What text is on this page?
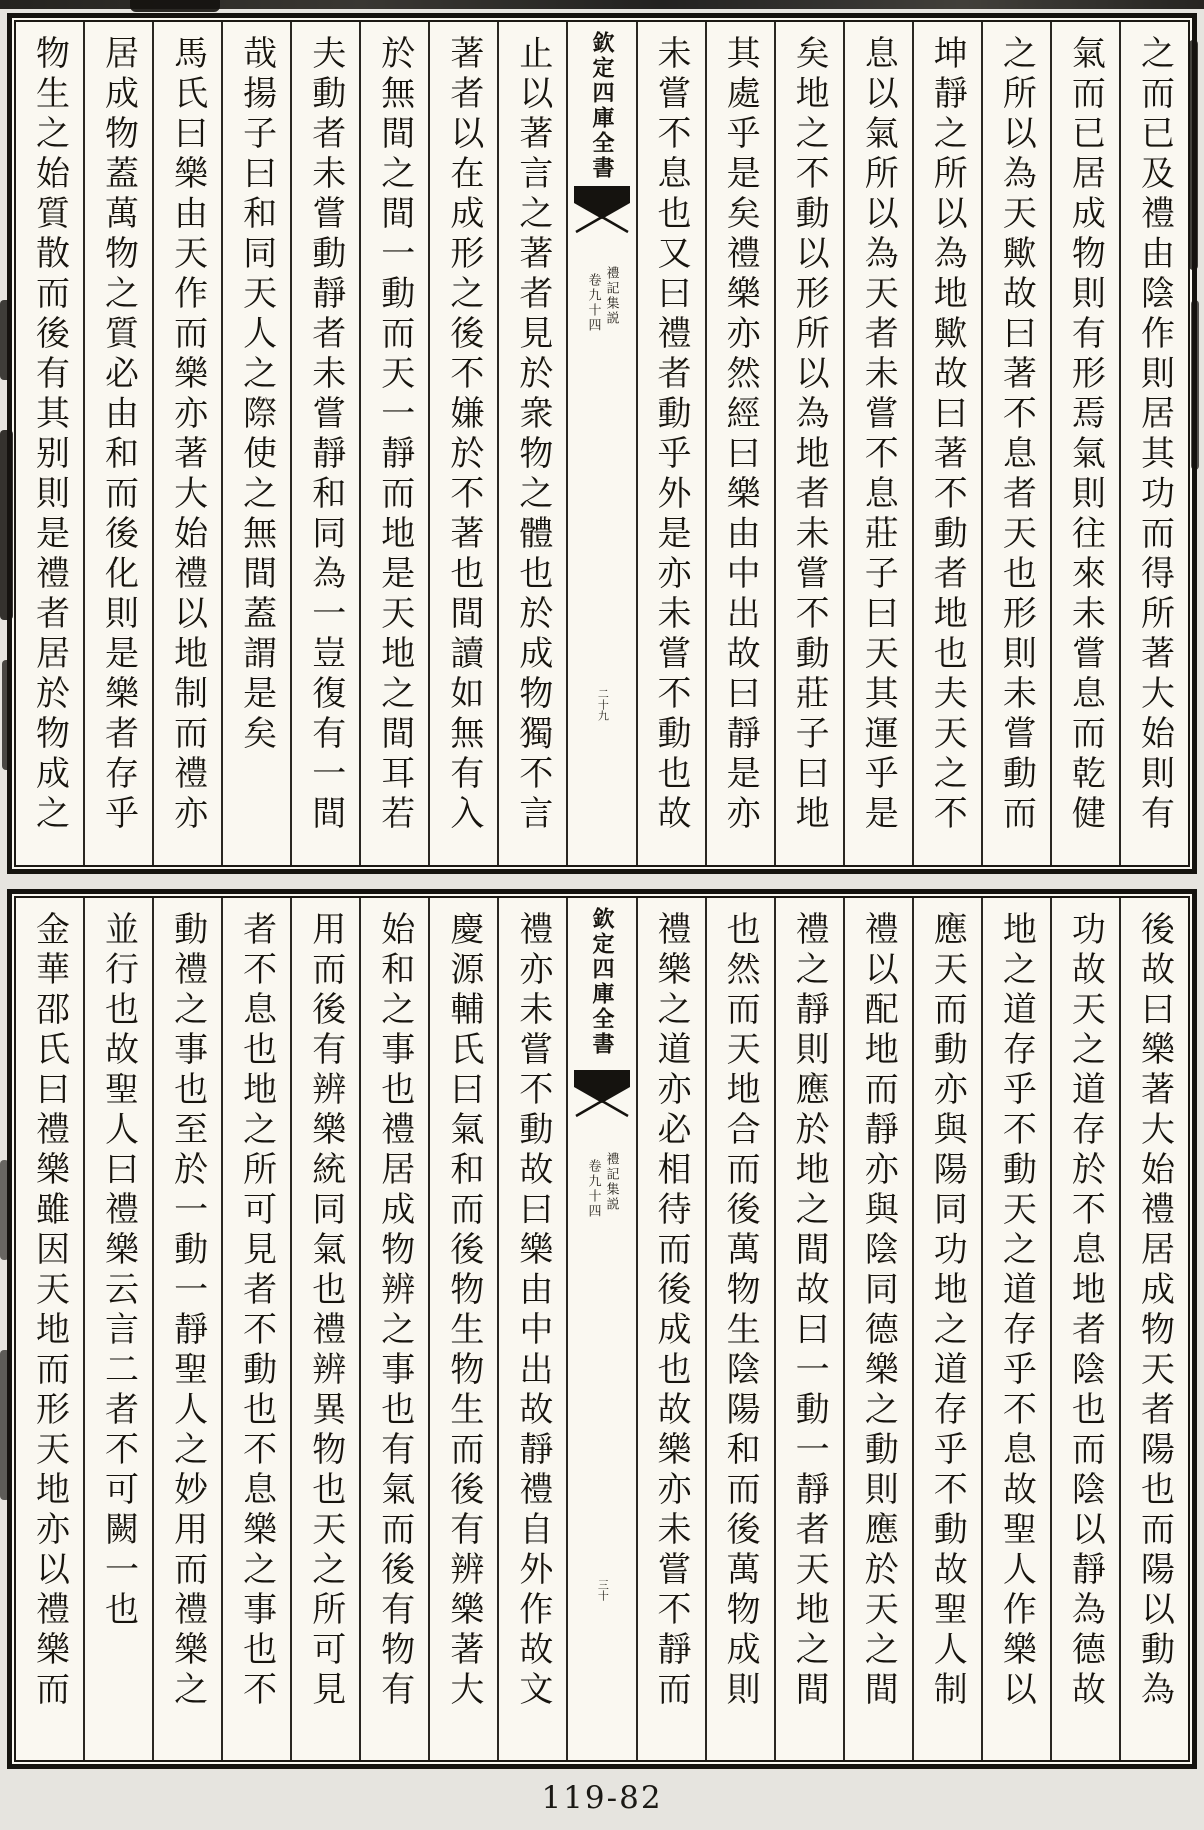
之而已及禮由陰作則居其功而得所著大始則有
氣而已居成物則有形焉氣則往來未嘗息而乾健
之所以為天歟故曰著不息者天也形則未嘗動而
坤靜之所以為地歟故曰著不動者地也夫天之不
息以氣所以為天者未嘗不息莊子曰天其運乎是
矣地之不動以形所以為地者未嘗不動莊子曰地
其處乎是矣禮樂亦然經曰樂由中出故曰靜是亦
未嘗不息也又曰禮者動乎外是亦未嘗不動也故
欽定四庫全書
禮記集説
卷九十四
二十九
止以著言之著者見於衆物之體也於成物獨不言
著者以在成形之後不嫌於不著也間讀如無有入
於無間之間一動而天一靜而地是天地之間耳若
夫動者未嘗動靜者未嘗靜和同為一豈復有一間
哉揚子曰和同天人之際使之無間蓋謂是矣
馬氏曰樂由天作而樂亦著大始禮以地制而禮亦
居成物蓋萬物之質必由和而後化則是樂者存乎
物生之始質散而後有其别則是禮者居於物成之
後故曰樂著大始禮居成物天者陽也而陽以動為
功故天之道存於不息地者陰也而陰以靜為德故
地之道存乎不動天之道存乎不息故聖人作樂以
應天而動亦與陽同功地之道存乎不動故聖人制
禮以配地而靜亦與陰同德樂之動則應於天之間
禮之靜則應於地之間故曰一動一靜者天地之間
也然而天地合而後萬物生陰陽和而後萬物成則
禮樂之道亦必相待而後成也故樂亦未嘗不靜而
欽定四庫全書
禮記集説
卷九十四
三十
禮亦未嘗不動故曰樂由中出故靜禮自外作故文
慶源輔氏曰氣和而後物生物生而後有辨樂著大
始和之事也禮居成物辨之事也有氣而後有物有
用而後有辨樂統同氣也禮辨異物也天之所可見
者不息也地之所可見者不動也不息樂之事也不
動禮之事也至於一動一靜聖人之妙用而禮樂之
並行也故聖人曰禮樂云言二者不可闕一也
金華邵氏曰禮樂雖因天地而形天地亦以禮樂而
119-82
